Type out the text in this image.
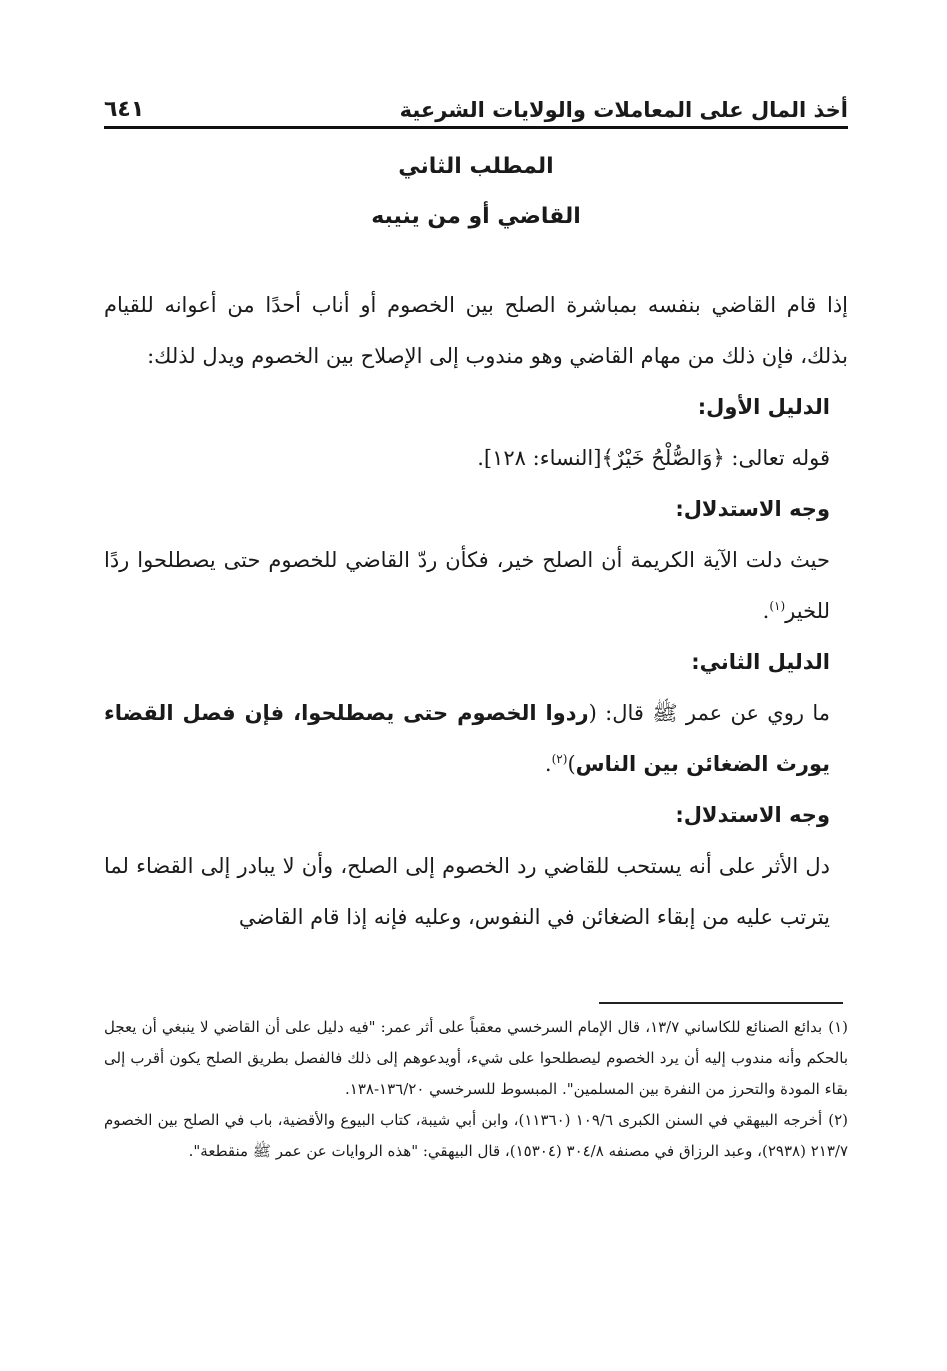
أخذ المال على المعاملات والولايات الشرعية
٦٤١
المطلب الثاني
القاضي أو من ينيبه

إذا قام القاضي بنفسه بمباشرة الصلح بين الخصوم أو أناب أحدًا من أعوانه للقيام بذلك، فإن ذلك من مهام القاضي وهو مندوب إلى الإصلاح بين الخصوم ويدل لذلك:

الدليل الأول:

قوله تعالى: ﴿وَالصُّلْحُ خَيْرٌ﴾[النساء: ١٢٨].

وجه الاستدلال:

حيث دلت الآية الكريمة أن الصلح خير، فكأن ردّ القاضي للخصوم حتى يصطلحوا ردًا للخير$^{(١)}$.

الدليل الثاني:

ما روي عن عمر ﷺ قال: (ردوا الخصوم حتى يصطلحوا، فإن فصل القضاء يورث الضغائن بين الناس)$^{(٢)}$.

وجه الاستدلال:

دل الأثر على أنه يستحب للقاضي رد الخصوم إلى الصلح، وأن لا يبادر إلى القضاء لما يترتب عليه من إبقاء الضغائن في النفوس، وعليه فإنه إذا قام القاضي

(١)بدائع الصنائع للكاساني ١٣/٧، قال الإمام السرخسي معقباً على أثر عمر: "فيه دليل على أن القاضي لا ينبغي أن يعجل بالحكم وأنه مندوب إليه أن يرد الخصوم ليصطلحوا على شيء، أويدعوهم إلى ذلك فالفصل بطريق الصلح يكون أقرب إلى بقاء المودة والتحرز من النفرة بين المسلمين". المبسوط للسرخسي ١٣٦/٢٠-١٣٨.

(٢)أخرجه البيهقي في السنن الكبرى ١٠٩/٦ (١١٣٦٠)، وابن أبي شيبة، كتاب البيوع والأقضية، باب في الصلح بين الخصوم ٢١٣/٧ (٢٩٣٨)، وعبد الرزاق في مصنفه ٣٠٤/٨ (١٥٣٠٤)، قال البيهقي: "هذه الروايات عن عمر ﷺ منقطعة".
